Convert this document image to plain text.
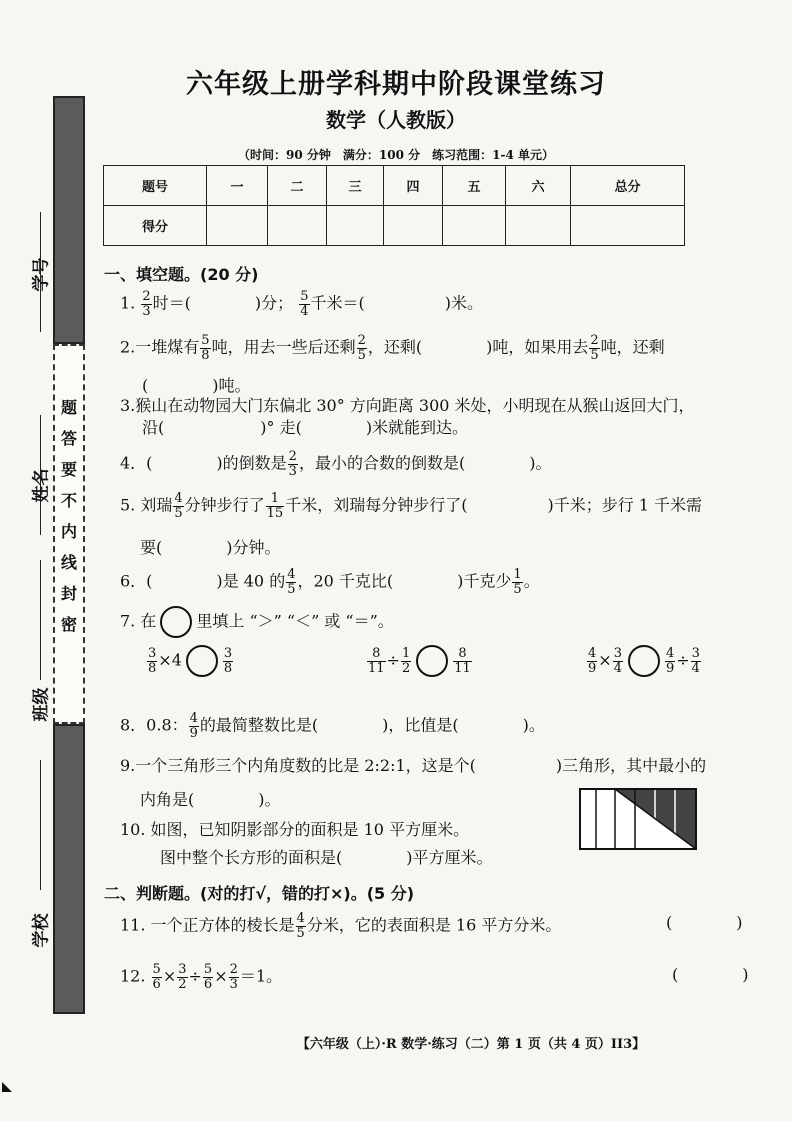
题
答
要
不
内
线
封
密
学号
姓名
班级
学校
六年级上册学科期中阶段课堂练习
数学（人教版）
（时间：90 分钟　满分：100 分　练习范围：1-4 单元）
题号	一	二	三	四	五	六	总分
得分							
一、填空题。(20 分)
1. $\frac{2}{3}$ 时＝(　　　　)分； $\frac{5}{4}$ 千米＝(　　　　　)米。
2.一堆煤有 $\frac{5}{8}$ 吨，用去一些后还剩 $\frac{2}{5}$ ，还剩(　　　　)吨，如果用去 $\frac{2}{5}$ 吨，还剩
(　　　　)吨。
3.猴山在动物园大门东偏北 30° 方向距离 300 米处，小明现在从猴山返回大门，
沿(　　　　　　)° 走(　　　　)米就能到达。
4．(　　　　)的倒数是 $\frac{2}{3}$ ，最小的合数的倒数是(　　　　)。
5. 刘瑞 $\frac{4}{5}$ 分钟步行了 $\frac{1}{15}$ 千米，刘瑞每分钟步行了(　　　　　)千米；步行 1 千米需
要(　　　　)分钟。
6．(　　　　)是 40 的 $\frac{4}{5}$ ，20 千克比(　　　　)千克少 $\frac{1}{5}$ 。
7. 在	里填上 “＞” “＜” 或 “＝”。
$\frac{3}{8} \times 4$	$\frac{3}{8}$	$\frac{8}{11} \div \frac{1}{2}$	$\frac{8}{11}$	$\frac{4}{9} \times \frac{3}{4}$	$\frac{4}{9} \div \frac{3}{4}$
8．0.8： $\frac{4}{9}$ 的最简整数比是(　　　　)，比值是(　　　　)。
9.一个三角形三个内角度数的比是 2:2:1，这是个(　　　　　)三角形，其中最小的
内角是(　　　　)。
10. 如图，已知阴影部分的面积是 10 平方厘米。
图中整个长方形的面积是(　　　　)平方厘米。
二、判断题。(对的打√，错的打×)。(5 分)
11. 一个正方体的棱长是 $\frac{4}{5}$ 分米，它的表面积是 16 平方分米。	(　　　　)
12. $\frac{5}{6} \times \frac{3}{2} \div \frac{5}{6} \times \frac{2}{3} =1$。	(　　　　)
【六年级（上）·R 数学·练习（二）第 1 页（共 4 页）II3】
